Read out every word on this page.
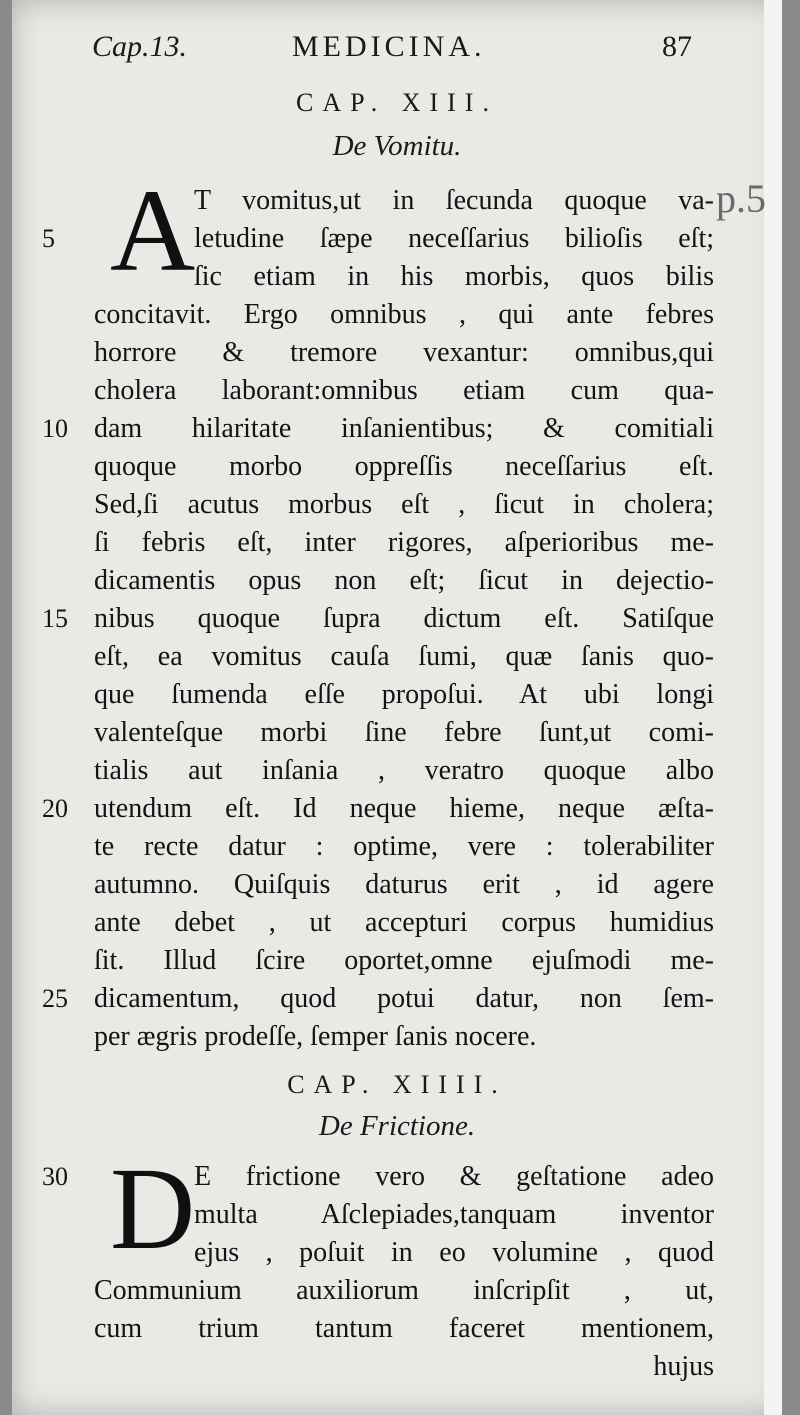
Cap.13.	MEDICINA.	87
CAP. XIII.
De Vomitu.
p.5
A
5
T vomitus,ut in ſecunda quoque va-
letudine ſæpe neceſſarius bilioſis eſt;
ſic etiam in his morbis, quos bilis
concitavit. Ergo omnibus , qui ante febres
horrore & tremore vexantur: omnibus,qui
cholera laborant:omnibus etiam cum qua-
10 dam hilaritate inſanientibus; & comitiali
quoque morbo oppreſſis neceſſarius eſt.
Sed,ſi acutus morbus eſt , ſicut in cholera;
ſi febris eſt, inter rigores, aſperioribus me-
dicamentis opus non eſt; ſicut in dejectio-
15 nibus quoque ſupra dictum eſt. Satiſque
eſt, ea vomitus cauſa ſumi, quæ ſanis quo-
que ſumenda eſſe propoſui. At ubi longi
valenteſque morbi ſine febre ſunt,ut comi-
tialis aut inſania , veratro quoque albo
20 utendum eſt. Id neque hieme, neque æſta-
te recte datur : optime, vere : tolerabiliter
autumno. Quiſquis daturus erit , id agere
ante debet , ut accepturi corpus humidius
ſit. Illud ſcire oportet,omne ejuſmodi me-
25 dicamentum, quod potui datur, non ſem-
per ægris prodeſſe, ſemper ſanis nocere.
CAP. XIIII.
De Frictione.
30 D
E frictione vero & geſtatione adeo
multa Aſclepiades,tanquam inventor
ejus , poſuit in eo volumine , quod
Communium auxiliorum inſcripſit , ut,
cum trium tantum faceret mentionem,
hujus
